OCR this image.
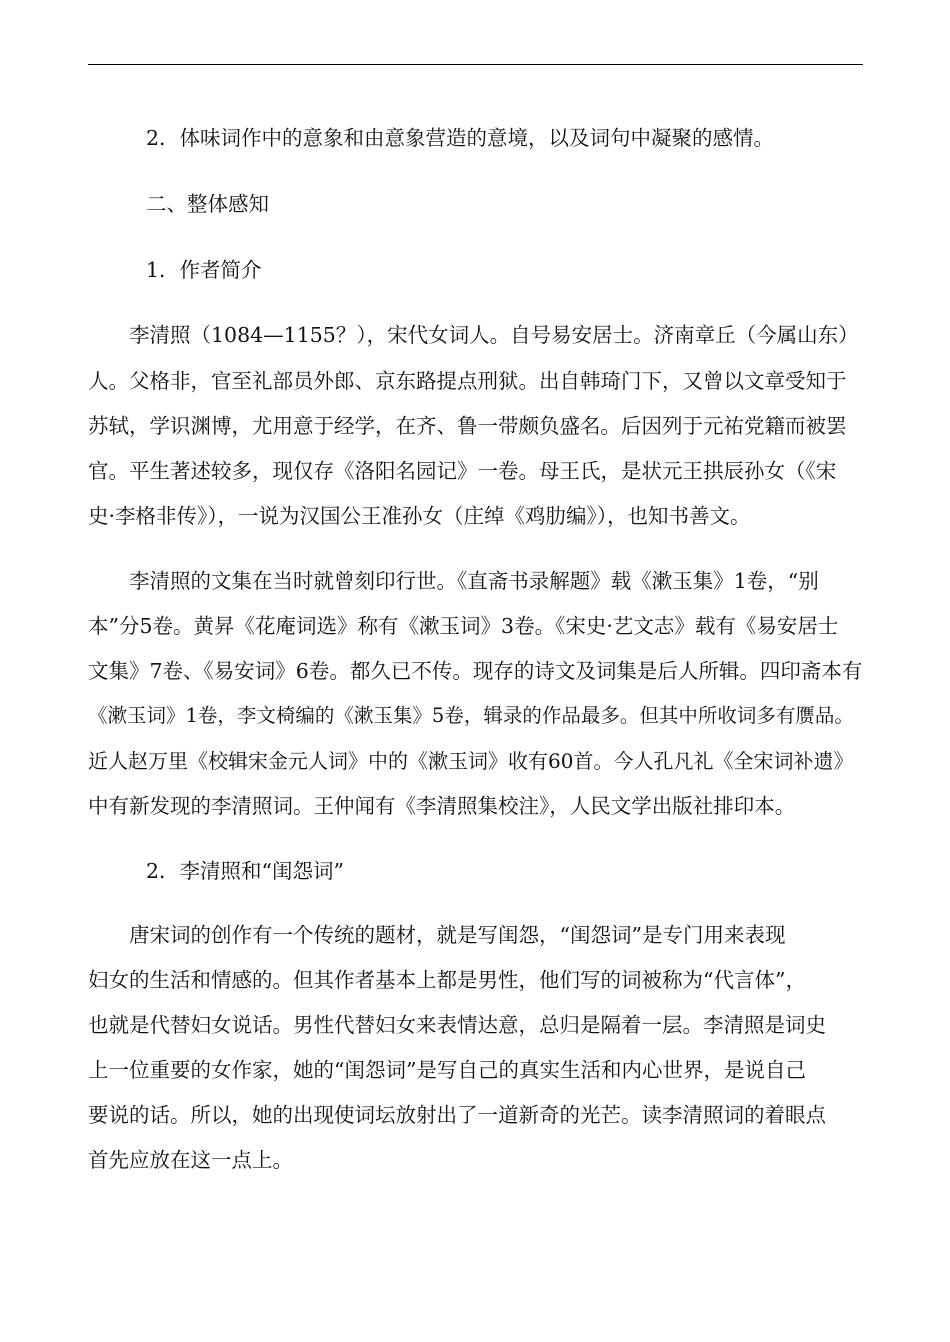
2．体味词作中的意象和由意象营造的意境，以及词句中凝聚的感情。
二、整体感知
1．作者简介
　　李清照（1084—1155？），宋代女词人。自号易安居士。济南章丘（今属山东）
人。父格非，官至礼部员外郎、京东路提点刑狱。出自韩琦门下，又曾以文章受知于
苏轼，学识渊博，尤用意于经学，在齐、鲁一带颇负盛名。后因列于元祐党籍而被罢
官。平生著述较多，现仅存《洛阳名园记》一卷。母王氏，是状元王拱辰孙女（《宋
史·李格非传》），一说为汉国公王准孙女（庄绰《鸡肋编》），也知书善文。
　　李清照的文集在当时就曾刻印行世。《直斋书录解题》载《漱玉集》1卷，“别
本”分5卷。黄昇《花庵词选》称有《漱玉词》3卷。《宋史·艺文志》载有《易安居士
文集》7卷、《易安词》6卷。都久已不传。现存的诗文及词集是后人所辑。四印斋本有
《漱玉词》1卷，李文椅编的《漱玉集》5卷，辑录的作品最多。但其中所收词多有赝品。
近人赵万里《校辑宋金元人词》中的《漱玉词》收有60首。今人孔凡礼《全宋词补遗》
中有新发现的李清照词。王仲闻有《李清照集校注》，人民文学出版社排印本。
2．李清照和“闺怨词”
　　唐宋词的创作有一个传统的题材，就是写闺怨，“闺怨词”是专门用来表现
妇女的生活和情感的。但其作者基本上都是男性，他们写的词被称为“代言体”，
也就是代替妇女说话。男性代替妇女来表情达意，总归是隔着一层。李清照是词史
上一位重要的女作家，她的“闺怨词”是写自己的真实生活和内心世界，是说自己
要说的话。所以，她的出现使词坛放射出了一道新奇的光芒。读李清照词的着眼点
首先应放在这一点上。
